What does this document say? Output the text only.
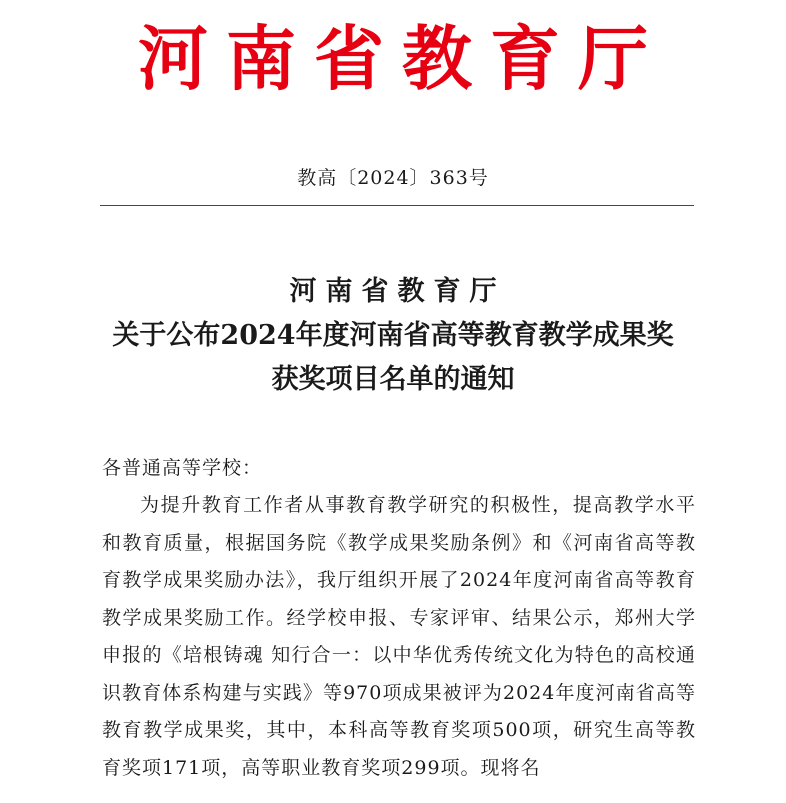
河南省教育厅
教高〔2024〕363号
河南省教育厅
关于公布2024年度河南省高等教育教学成果奖
获奖项目名单的通知
各普通高等学校：
为提升教育工作者从事教育教学研究的积极性，提高教学水平和教育质量，根据国务院《教学成果奖励条例》和《河南省高等教育教学成果奖励办法》，我厅组织开展了2024年度河南省高等教育教学成果奖励工作。经学校申报、专家评审、结果公示，郑州大学申报的《培根铸魂 知行合一：以中华优秀传统文化为特色的高校通识教育体系构建与实践》等970项成果被评为2024年度河南省高等教育教学成果奖，其中，本科高等教育奖项500项，研究生高等教育奖项171项，高等职业教育奖项299项。现将名
